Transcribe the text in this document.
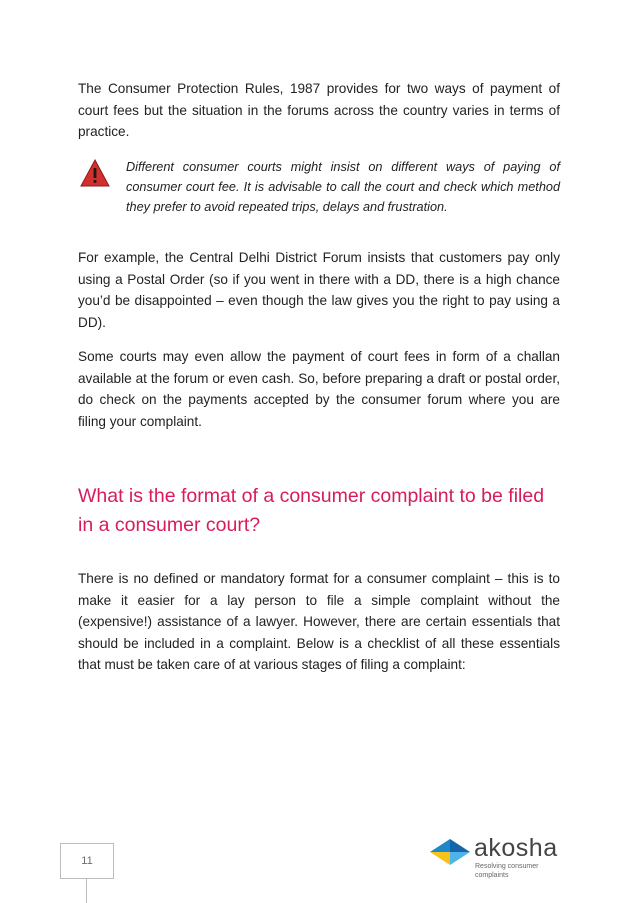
The Consumer Protection Rules, 1987 provides for two ways of payment of court fees but the situation in the forums across the country varies in terms of practice.

Different consumer courts might insist on different ways of paying of consumer court fee. It is advisable to call the court and check which method they prefer to avoid repeated trips, delays and frustration.

For example, the Central Delhi District Forum insists that customers pay only using a Postal Order (so if you went in there with a DD, there is a high chance you’d be disappointed – even though the law gives you the right to pay using a DD).

Some courts may even allow the payment of court fees in form of a challan available at the forum or even cash. So, before preparing a draft or postal order, do check on the payments accepted by the consumer forum where you are filing your complaint.

What is the format of a consumer complaint to be filed in a consumer court?

There is no defined or mandatory format for a consumer complaint – this is to make it easier for a lay person to file a simple complaint without the (expensive!) assistance of a lawyer. However, there are certain essentials that should be included in a complaint. Below is a checklist of all these essentials that must be taken care of at various stages of filing a complaint:

11	akosha
Resolving consumer complaints
